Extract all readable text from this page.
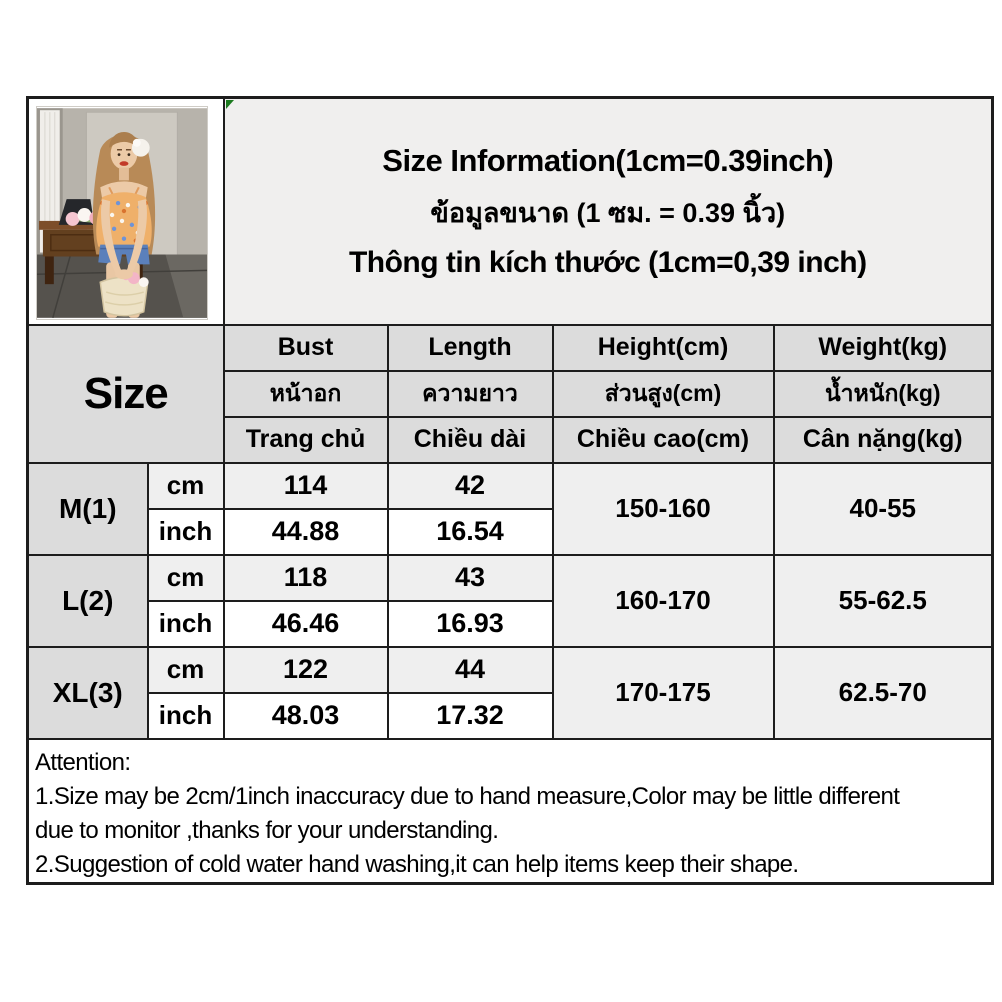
Size Information(1cm=0.39inch)
ข้อมูลขนาด (1 ซม. = 0.39 นิ้ว)
Thông tin kích thước (1cm=0,39 inch)			

Size		Bust	Length	Height(cm)	Weight(kg)
		หน้าอก	ความยาว	ส่วนสูง(cm)	น้ำหนัก(kg)
		Trang chủ	Chiều dài	Chiều cao(cm)	Cân nặng(kg)
M(1)	cm	114	42	150-160	40-55
	inch	44.88	16.54		
L(2)	cm	118	43	160-170	55-62.5
	inch	46.46	16.93		
XL(3)	cm	122	44	170-175	62.5-70
	inch	48.03	17.32		

Attention:
1.Size may be 2cm/1inch inaccuracy due to hand measure,Color may be little different
due to monitor ,thanks for your understanding.
2.Suggestion of cold water hand washing,it can help items keep their shape.					
